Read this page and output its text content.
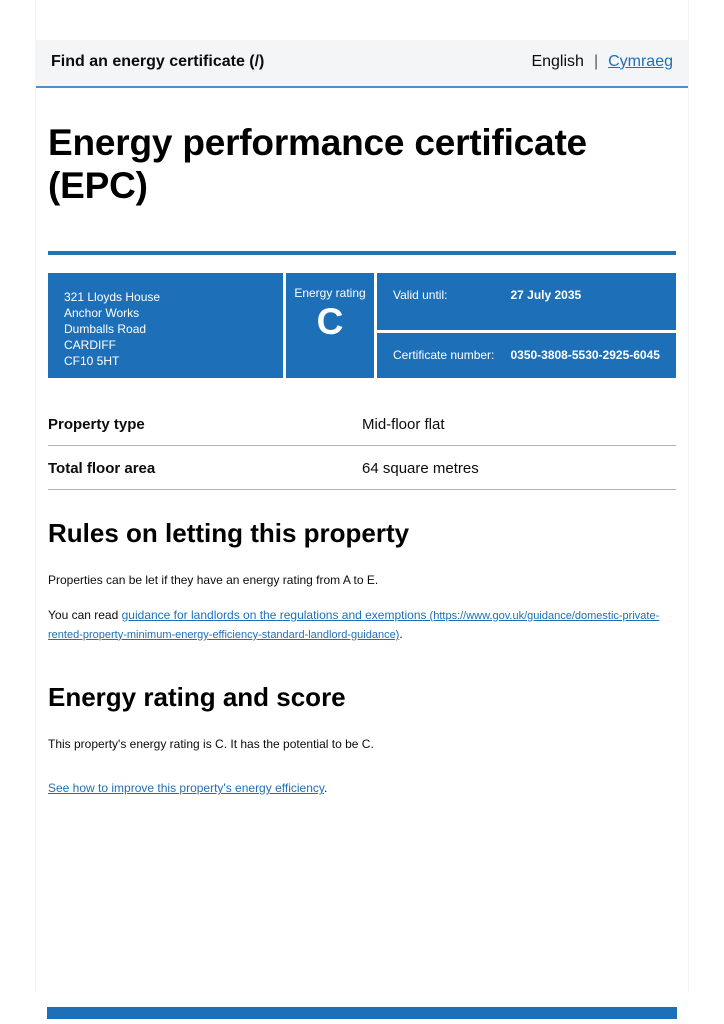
Find an energy certificate (/)	English | Cymraeg
Energy performance certificate (EPC)
321 Lloyds House
Anchor Works
Dumballs Road
CARDIFF
CF10 5HT
Energy rating
C
Valid until:	27 July 2035
Certificate number:	0350-3808-5530-2925-6045
Property type	Mid-floor flat
Total floor area	64 square metres
Rules on letting this property

Properties can be let if they have an energy rating from A to E.

You can read guidance for landlords on the regulations and exemptions (https://www.gov.uk/guidance/domestic-private-rented-property-minimum-energy-efficiency-standard-landlord-guidance).

Energy rating and score

This property's energy rating is C. It has the potential to be C.

See how to improve this property's energy efficiency.
